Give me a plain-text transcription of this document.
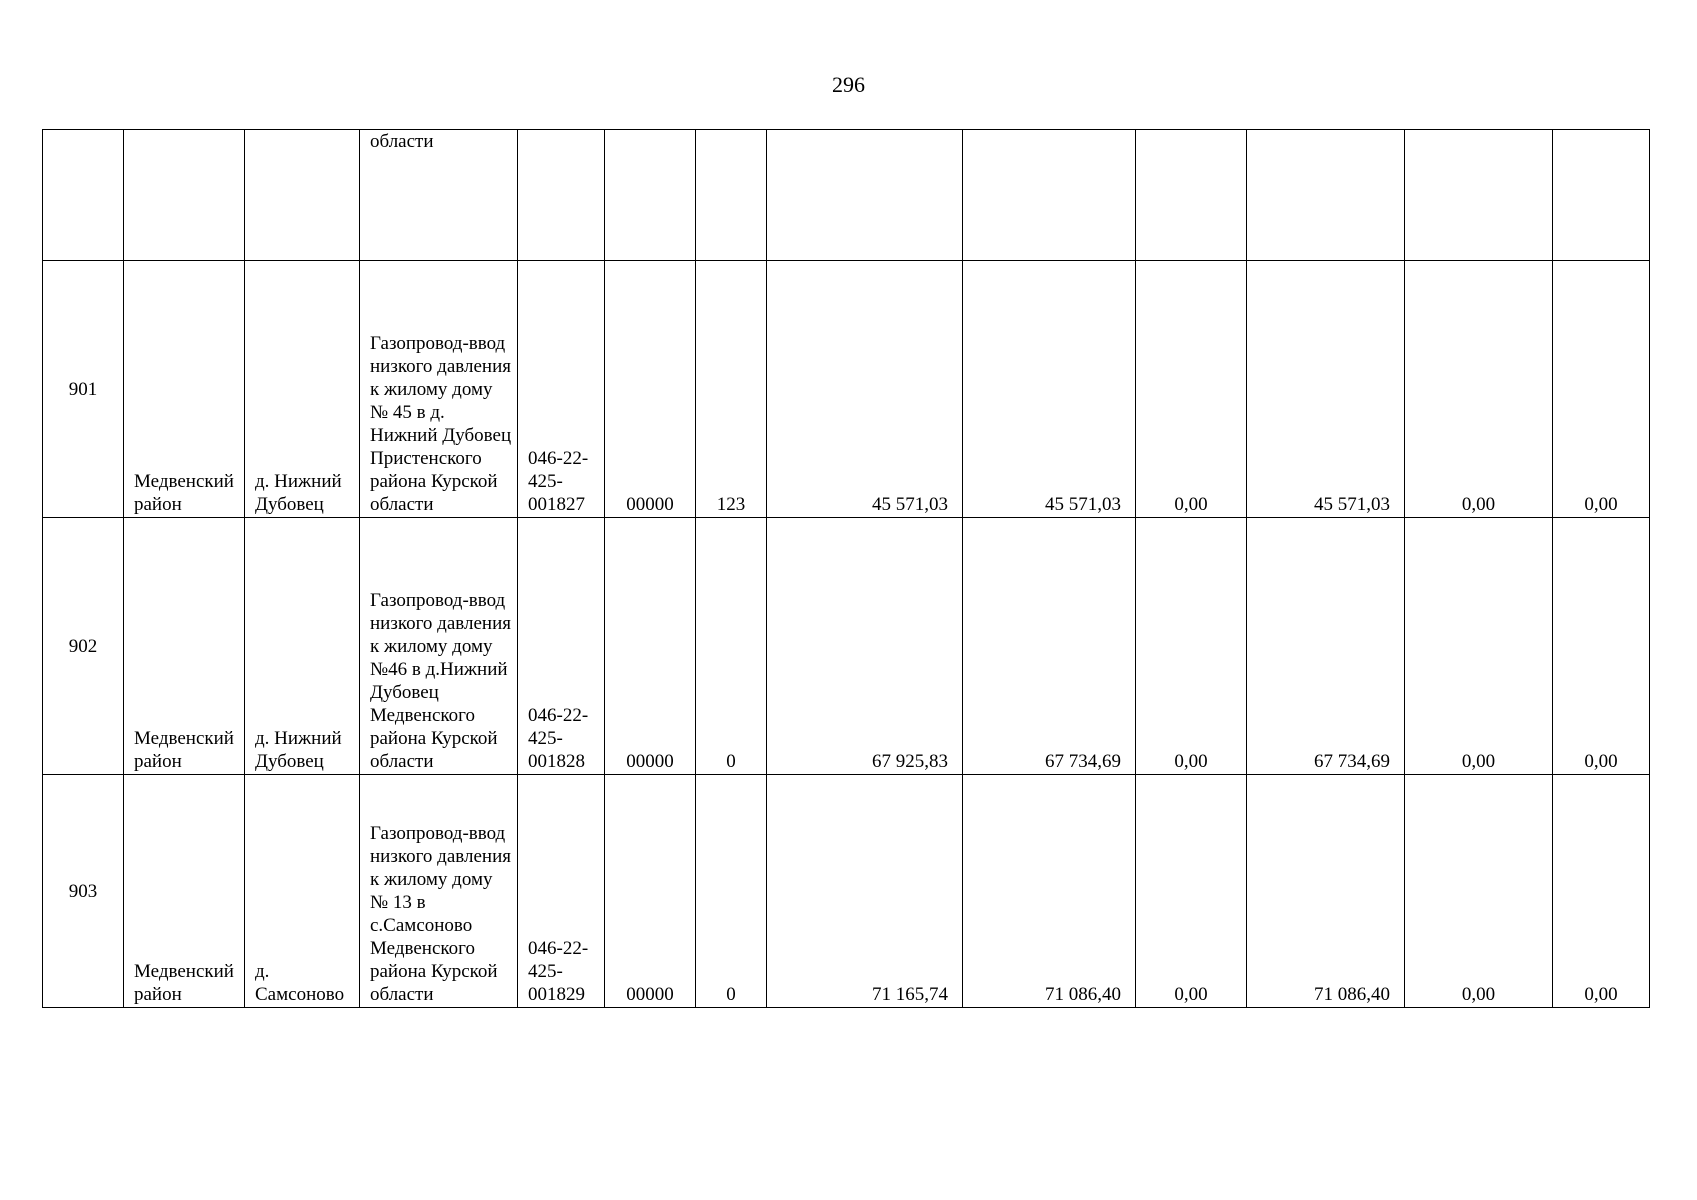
296
			области									
901	Медвенский район	д. Нижний Дубовец	Газопровод-ввод низкого давления к жилому дому № 45 в д. Нижний Дубовец Пристенского района Курской области	046-22-425-001827	00000	123	45 571,03	45 571,03	0,00	45 571,03	0,00	0,00
902	Медвенский район	д. Нижний Дубовец	Газопровод-ввод низкого давления к жилому дому №46 в д.Нижний Дубовец Медвенского района Курской области	046-22-425-001828	00000	0	67 925,83	67 734,69	0,00	67 734,69	0,00	0,00
903	Медвенский район	д. Самсоново	Газопровод-ввод низкого давления к жилому дому № 13 в с.Самсоново Медвенского района Курской области	046-22-425-001829	00000	0	71 165,74	71 086,40	0,00	71 086,40	0,00	0,00
